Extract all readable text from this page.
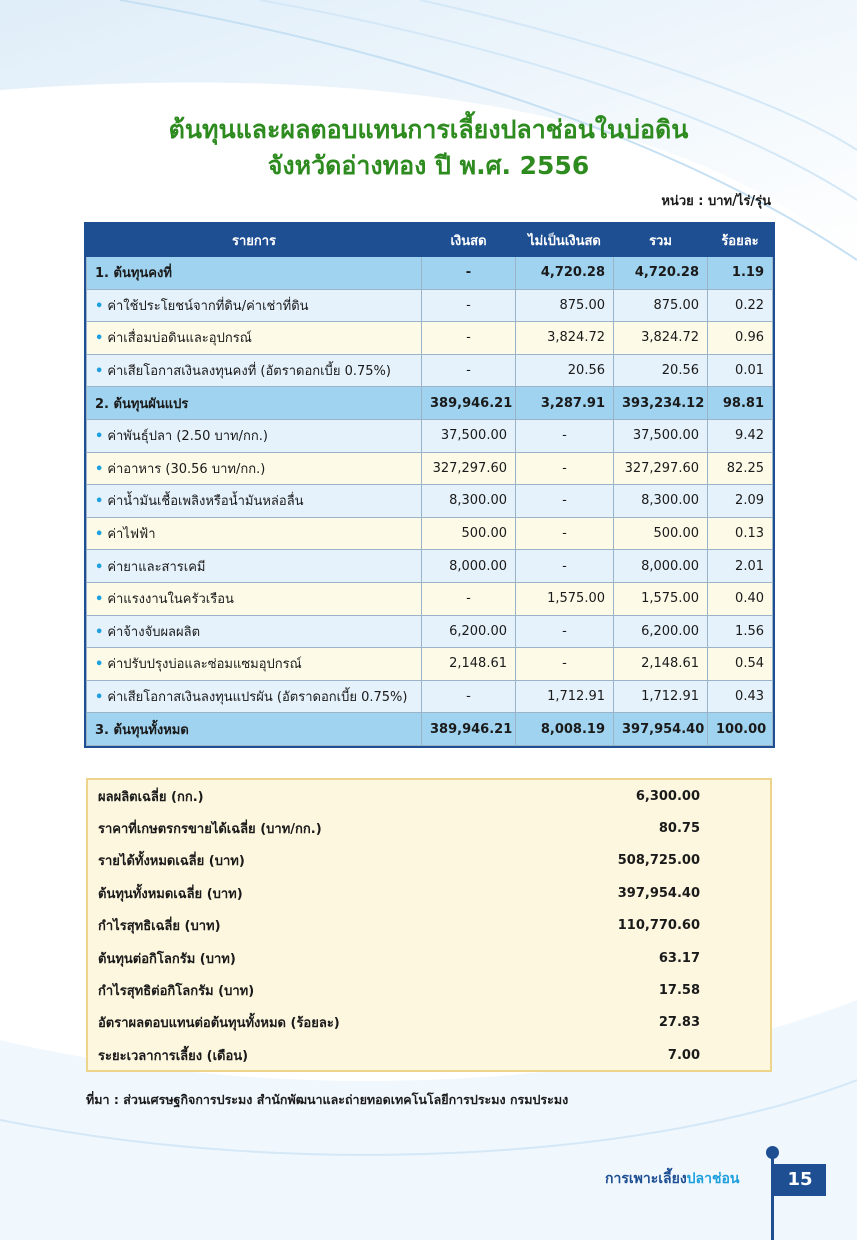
ต้นทุนและผลตอบแทนการเลี้ยงปลาช่อนในบ่อดิน
จังหวัดอ่างทอง ปี พ.ศ. 2556
หน่วย : บาท/ไร่/รุ่น
รายการ	เงินสด	ไม่เป็นเงินสด	รวม	ร้อยละ
1. ต้นทุนคงที่	-	4,720.28	4,720.28	1.19
• ค่าใช้ประโยชน์จากที่ดิน/ค่าเช่าที่ดิน	-	875.00	875.00	0.22
• ค่าเสื่อมบ่อดินและอุปกรณ์	-	3,824.72	3,824.72	0.96
• ค่าเสียโอกาสเงินลงทุนคงที่ (อัตราดอกเบี้ย 0.75%)	-	20.56	20.56	0.01
2. ต้นทุนผันแปร	389,946.21	3,287.91	393,234.12	98.81
• ค่าพันธุ์ปลา (2.50 บาท/กก.)	37,500.00	-	37,500.00	9.42
• ค่าอาหาร (30.56 บาท/กก.)	327,297.60	-	327,297.60	82.25
• ค่าน้ำมันเชื้อเพลิงหรือน้ำมันหล่อลื่น	8,300.00	-	8,300.00	2.09
• ค่าไฟฟ้า	500.00	-	500.00	0.13
• ค่ายาและสารเคมี	8,000.00	-	8,000.00	2.01
• ค่าแรงงานในครัวเรือน	-	1,575.00	1,575.00	0.40
• ค่าจ้างจับผลผลิต	6,200.00	-	6,200.00	1.56
• ค่าปรับปรุงบ่อและซ่อมแซมอุปกรณ์	2,148.61	-	2,148.61	0.54
• ค่าเสียโอกาสเงินลงทุนแปรผัน (อัตราดอกเบี้ย 0.75%)	-	1,712.91	1,712.91	0.43
3. ต้นทุนทั้งหมด	389,946.21	8,008.19	397,954.40	100.00
ผลผลิตเฉลี่ย (กก.)	6,300.00
ราคาที่เกษตรกรขายได้เฉลี่ย (บาท/กก.)	80.75
รายได้ทั้งหมดเฉลี่ย (บาท)	508,725.00
ต้นทุนทั้งหมดเฉลี่ย (บาท)	397,954.40
กำไรสุทธิเฉลี่ย (บาท)	110,770.60
ต้นทุนต่อกิโลกรัม (บาท)	63.17
กำไรสุทธิต่อกิโลกรัม (บาท)	17.58
อัตราผลตอบแทนต่อต้นทุนทั้งหมด (ร้อยละ)	27.83
ระยะเวลาการเลี้ยง (เดือน)	7.00
ที่มา : ส่วนเศรษฐกิจการประมง สำนักพัฒนาและถ่ายทอดเทคโนโลยีการประมง กรมประมง
การเพาะเลี้ยงปลาช่อน	15
